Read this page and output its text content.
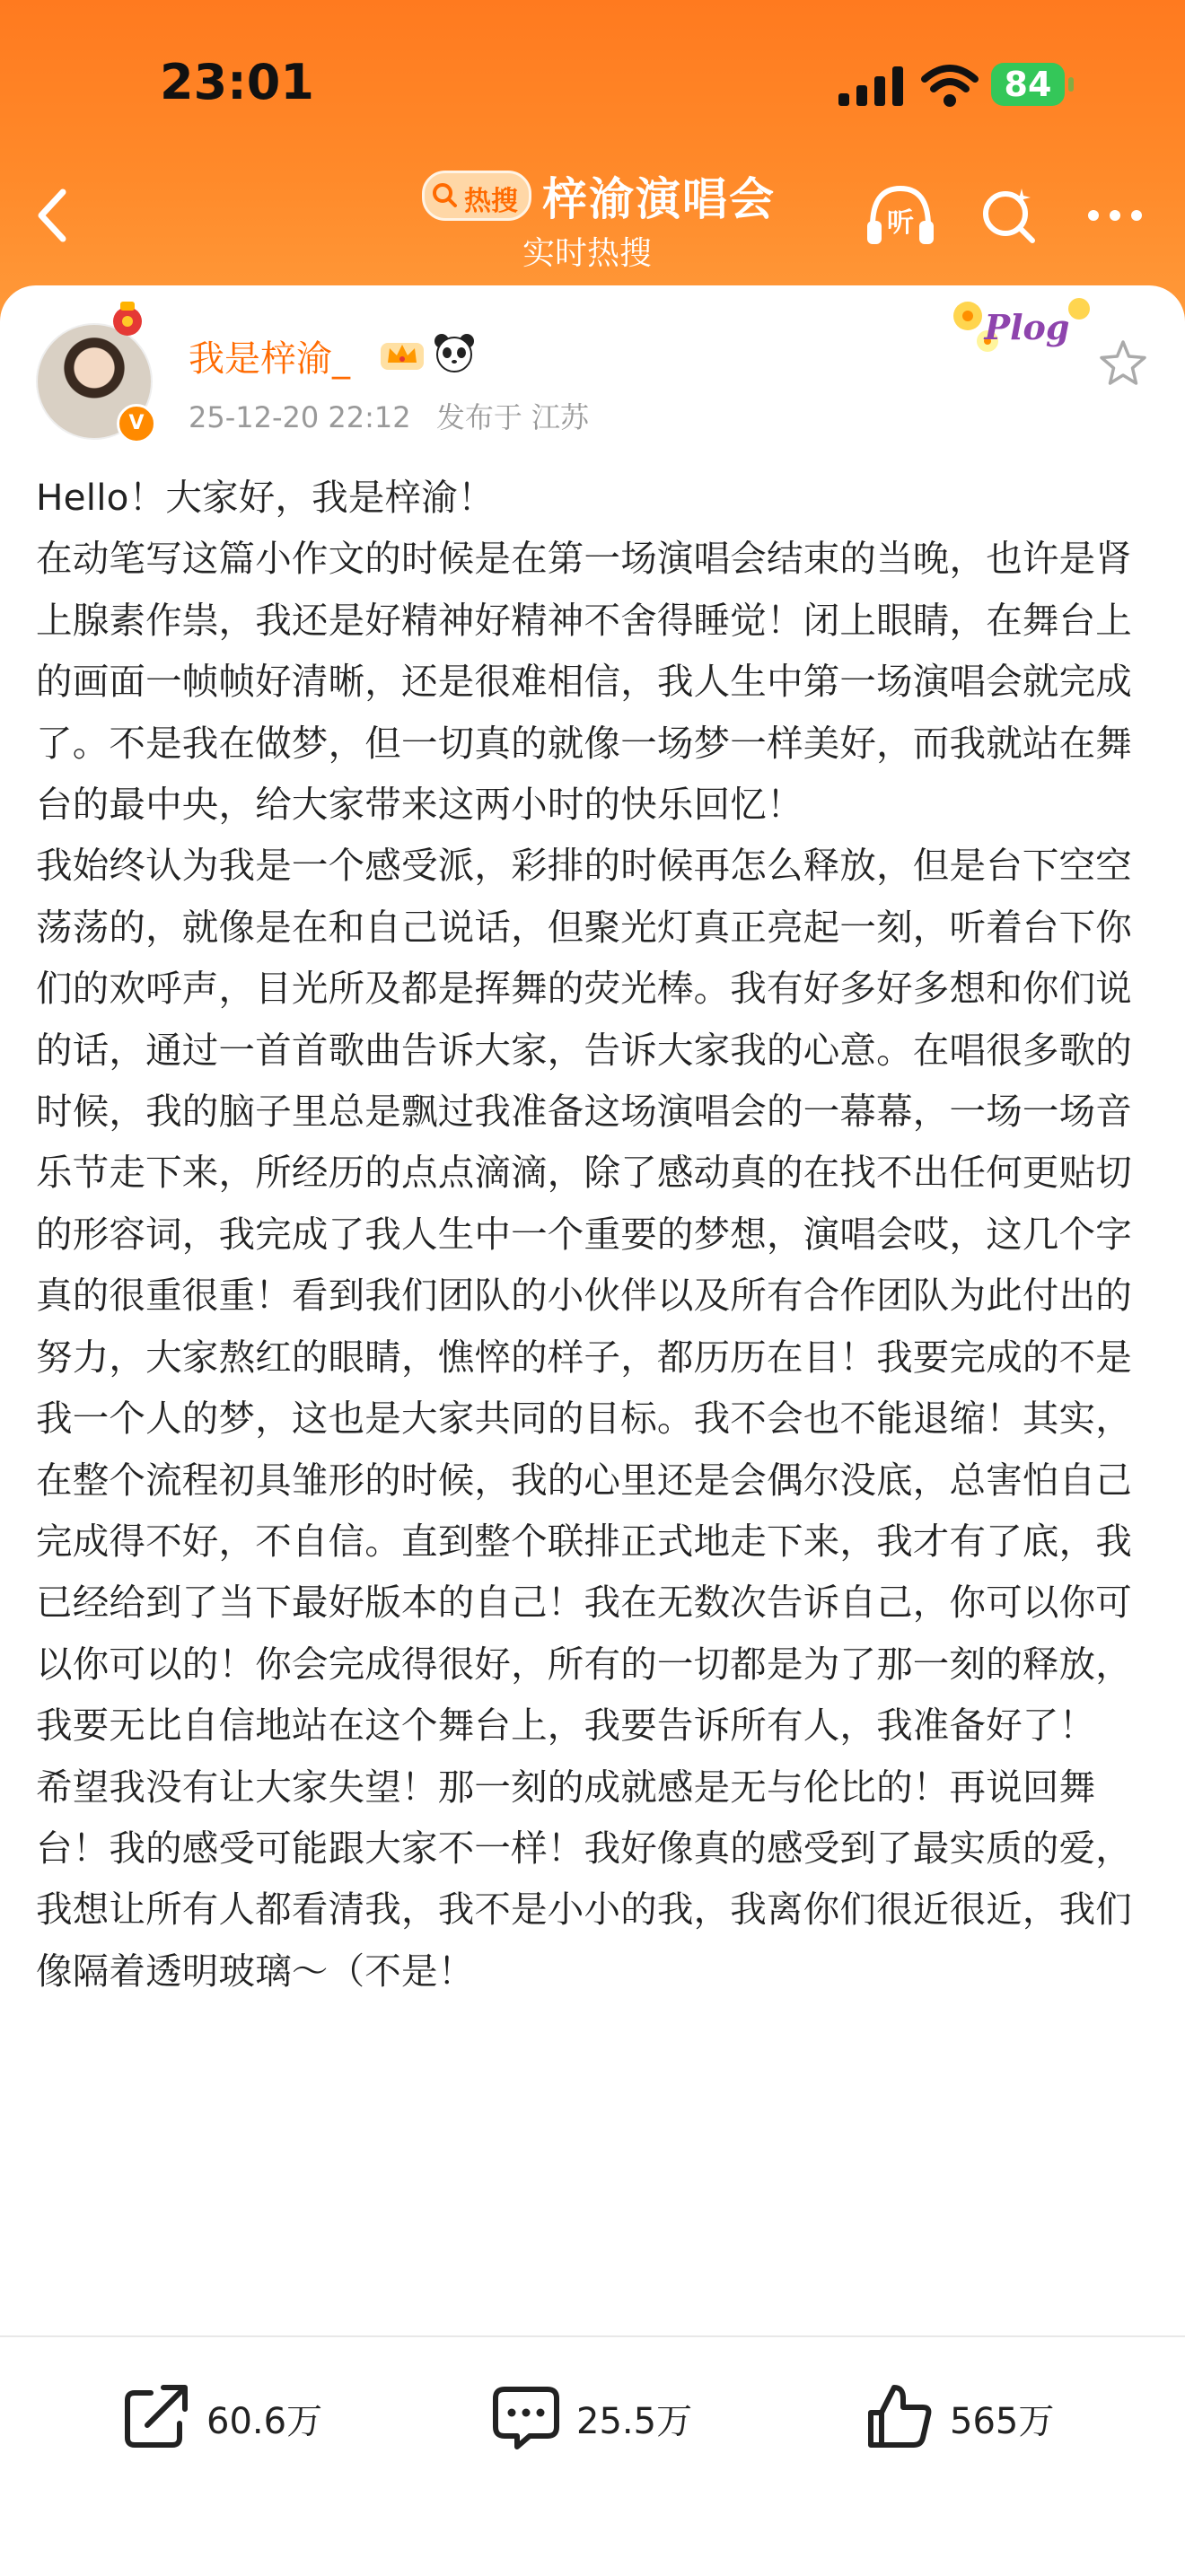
23:01	84
热搜 梓渝演唱会
实时热搜
听
V
我是梓渝_
25-12-20 22:12 发布于 江苏
Plog

Hello！大家好，我是梓渝！

在动笔写这篇小作文的时候是在第一场演唱会结束的当晚，也许是肾上腺素作祟，我还是好精神好精神不舍得睡觉！闭上眼睛，在舞台上的画面一帧帧好清晰，还是很难相信，我人生中第一场演唱会就完成了。不是我在做梦，但一切真的就像一场梦一样美好，而我就站在舞台的最中央，给大家带来这两小时的快乐回忆！

我始终认为我是一个感受派，彩排的时候再怎么释放，但是台下空空荡荡的，就像是在和自己说话，但聚光灯真正亮起一刻，听着台下你们的欢呼声，目光所及都是挥舞的荧光棒。我有好多好多想和你们说的话，通过一首首歌曲告诉大家，告诉大家我的心意。在唱很多歌的时候，我的脑子里总是飘过我准备这场演唱会的一幕幕，一场一场音乐节走下来，所经历的点点滴滴，除了感动真的在找不出任何更贴切的形容词，我完成了我人生中一个重要的梦想，演唱会哎，这几个字真的很重很重！看到我们团队的小伙伴以及所有合作团队为此付出的努力，大家熬红的眼睛，憔悴的样子，都历历在目！我要完成的不是我一个人的梦，这也是大家共同的目标。我不会也不能退缩！其实，在整个流程初具雏形的时候，我的心里还是会偶尔没底，总害怕自己完成得不好，不自信。直到整个联排正式地走下来，我才有了底，我已经给到了当下最好版本的自己！我在无数次告诉自己，你可以你可以你可以的！你会完成得很好，所有的一切都是为了那一刻的释放，我要无比自信地站在这个舞台上，我要告诉所有人，我准备好了！

希望我没有让大家失望！那一刻的成就感是无与伦比的！再说回舞台！我的感受可能跟大家不一样！我好像真的感受到了最实质的爱，我想让所有人都看清我，我不是小小的我，我离你们很近很近，我们像隔着透明玻璃～（不是！

60.6万	25.5万	565万
